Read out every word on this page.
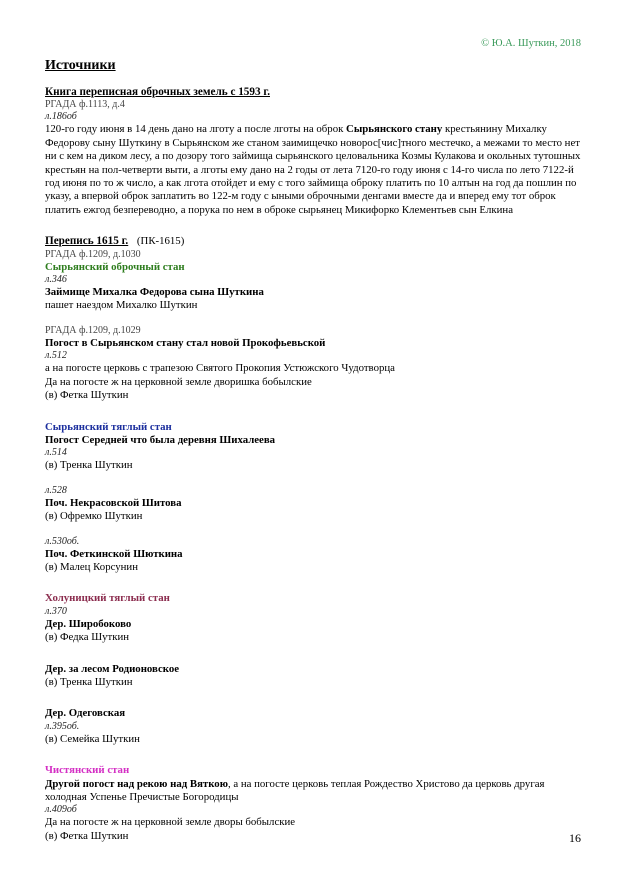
© Ю.А. Шуткин, 2018
Источники
Книга переписная оброчных земель с 1593 г.
РГАДА ф.1113, д.4
л.186об

120-го году июня в 14 день дано на лготу а после лготы на оброк Сырьянского стану крестьянину Михалку Федорову сыну Шуткину в Сырьянском же станом заимищечко новорос[чис]тного местечко, а межами то место нет ни с кем на диком лесу, а по дозору того займища сырьянского целовальника Козмы Кулакова и окольных тутошных крестьян на пол-четверти выти, а лготы ему дано на 2 годы от лета 7120-го году июня с 14-го числа по лето 7122-й год июня по то ж число, а как лгота отойдет и ему с того займища оброку платить по 10 алтын на год да пошлин по указу, а впервой оброк заплатить во 122-м году с ыными оброчными денгами вместе да и вперед ему тот оброк платить ежгод безпереводно, а порука по нем в оброке сырьянец Микифорко Клементьев сын Елкина

Перепись 1615 г. (ПК-1615)
РГАДА ф.1209, д.1030
Сырьянский оброчный стан
л.346
Займище Михалка Федорова сына Шуткина
пашет наездом Михалко Шуткин
РГАДА ф.1209, д.1029
Погост в Сырьянском стану стал новой Прокофьевьской
л.512
а на погосте церковь с трапезою Святого Прокопия Устюжского Чудотворца
Да на погосте ж на церковной земле дворишка бобылские
(в) Фетка Шуткин
Сырьянский тяглый стан
Погост Середней что была деревня Шихалеева
л.514
(в) Тренка Шуткин
л.528
Поч. Некрасовской Шитова
(в) Офремко Шуткин
л.530об.
Поч. Феткинской Шюткина
(в) Малец Корсунин
Холуницкий тяглый стан
л.370
Дер. Широбоково
(в) Федка Шуткин
Дер. за лесом Родионовское
(в) Тренка Шуткин
Дер. Одеговская
л.395об.
(в) Семейка Шуткин
Чистянский стан

Другой погост над рекою над Вяткою, а на погосте церковь теплая Рождество Христово да церковь другая холодная Успенье Пречистые Богородицы

л.409об
Да на погосте ж на церковной земле дворы бобылские
(в) Фетка Шуткин	16
